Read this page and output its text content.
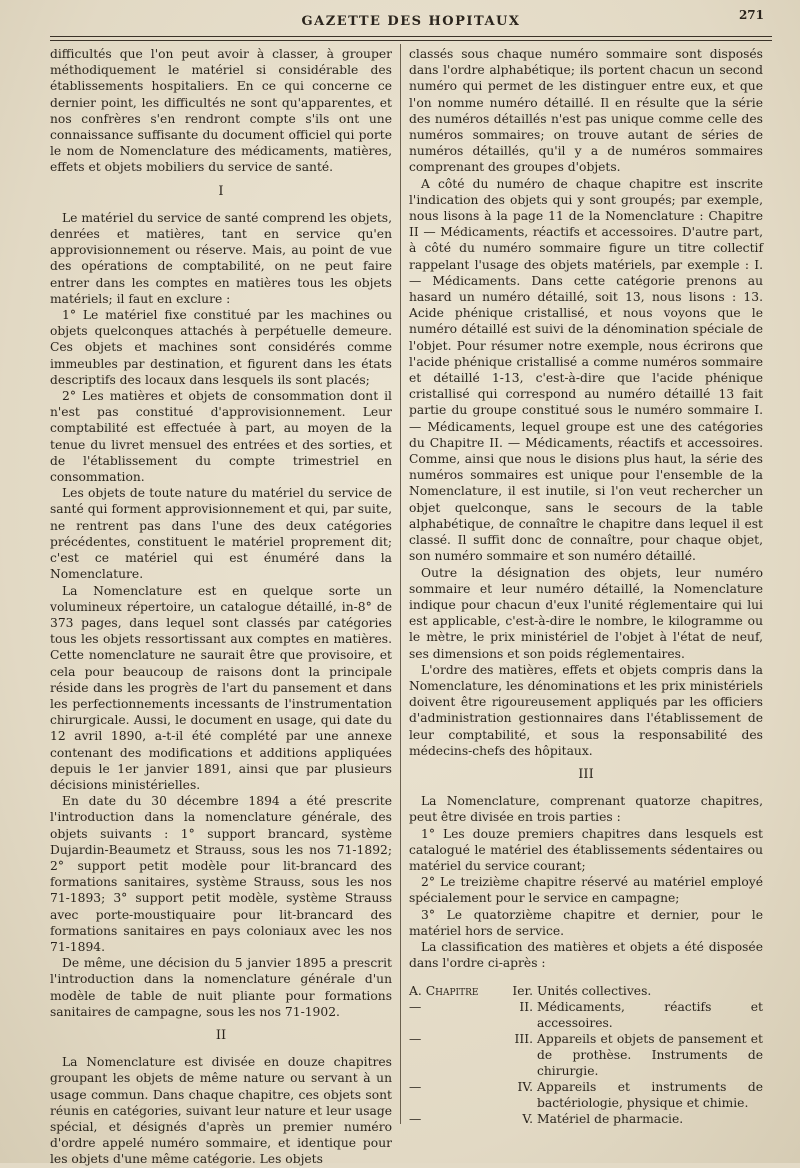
GAZETTE DES HOPITAUX	271

difficultés que l'on peut avoir à classer, à grouper méthodiquement le matériel si considérable des établissements hospitaliers. En ce qui concerne ce dernier point, les difficultés ne sont qu'apparentes, et nos confrères s'en rendront compte s'ils ont une connaissance suffisante du document officiel qui porte le nom de Nomenclature des médicaments, matières, effets et objets mobiliers du service de santé.

I

Le matériel du service de santé comprend les objets, denrées et matières, tant en service qu'en approvisionnement ou réserve. Mais, au point de vue des opérations de comptabilité, on ne peut faire entrer dans les comptes en matières tous les objets matériels; il faut en exclure :

1° Le matériel fixe constitué par les machines ou objets quelconques attachés à perpétuelle demeure. Ces objets et machines sont considérés comme immeubles par destination, et figurent dans les états descriptifs des locaux dans lesquels ils sont placés;

2° Les matières et objets de consommation dont il n'est pas constitué d'approvisionnement. Leur comptabilité est effectuée à part, au moyen de la tenue du livret mensuel des entrées et des sorties, et de l'établissement du compte trimestriel en consommation.

Les objets de toute nature du matériel du service de santé qui forment approvisionnement et qui, par suite, ne rentrent pas dans l'une des deux catégories précédentes, constituent le matériel proprement dit; c'est ce matériel qui est énuméré dans la Nomenclature.

La Nomenclature est en quelque sorte un volumineux répertoire, un catalogue détaillé, in-8° de 373 pages, dans lequel sont classés par catégories tous les objets ressortissant aux comptes en matières. Cette nomenclature ne saurait être que provisoire, et cela pour beaucoup de raisons dont la principale réside dans les progrès de l'art du pansement et dans les perfectionnements incessants de l'instrumentation chirurgicale. Aussi, le document en usage, qui date du 12 avril 1890, a-t-il été complété par une annexe contenant des modifications et additions appliquées depuis le 1er janvier 1891, ainsi que par plusieurs décisions ministérielles.

En date du 30 décembre 1894 a été prescrite l'introduction dans la nomenclature générale, des objets suivants : 1° support brancard, système Dujardin-Beaumetz et Strauss, sous les nos 71-1892; 2° support petit modèle pour lit-brancard des formations sanitaires, système Strauss, sous les nos 71-1893; 3° support petit modèle, système Strauss avec porte-moustiquaire pour lit-brancard des formations sanitaires en pays coloniaux avec les nos 71-1894.

De même, une décision du 5 janvier 1895 a prescrit l'introduction dans la nomenclature générale d'un modèle de table de nuit pliante pour formations sanitaires de campagne, sous les nos 71-1902.

II

La Nomenclature est divisée en douze chapitres groupant les objets de même nature ou servant à un usage commun. Dans chaque chapitre, ces objets sont réunis en catégories, suivant leur nature et leur usage spécial, et désignés d'après un premier numéro d'ordre appelé numéro sommaire, et identique pour les objets d'une même catégorie. Les objets

classés sous chaque numéro sommaire sont disposés dans l'ordre alphabétique; ils portent chacun un second numéro qui permet de les distinguer entre eux, et que l'on nomme numéro détaillé. Il en résulte que la série des numéros détaillés n'est pas unique comme celle des numéros sommaires; on trouve autant de séries de numéros détaillés, qu'il y a de numéros sommaires comprenant des groupes d'objets.

A côté du numéro de chaque chapitre est inscrite l'indication des objets qui y sont groupés; par exemple, nous lisons à la page 11 de la Nomenclature : Chapitre II — Médicaments, réactifs et accessoires. D'autre part, à côté du numéro sommaire figure un titre collectif rappelant l'usage des objets matériels, par exemple : I. — Médicaments. Dans cette catégorie prenons au hasard un numéro détaillé, soit 13, nous lisons : 13. Acide phénique cristallisé, et nous voyons que le numéro détaillé est suivi de la dénomination spéciale de l'objet. Pour résumer notre exemple, nous écrirons que l'acide phénique cristallisé a comme numéros sommaire et détaillé 1-13, c'est-à-dire que l'acide phénique cristallisé qui correspond au numéro détaillé 13 fait partie du groupe constitué sous le numéro sommaire I. — Médicaments, lequel groupe est une des catégories du Chapitre II. — Médicaments, réactifs et accessoires. Comme, ainsi que nous le disions plus haut, la série des numéros sommaires est unique pour l'ensemble de la Nomenclature, il est inutile, si l'on veut rechercher un objet quelconque, sans le secours de la table alphabétique, de connaître le chapitre dans lequel il est classé. Il suffit donc de connaître, pour chaque objet, son numéro sommaire et son numéro détaillé.

Outre la désignation des objets, leur numéro sommaire et leur numéro détaillé, la Nomenclature indique pour chacun d'eux l'unité réglementaire qui lui est applicable, c'est-à-dire le nombre, le kilogramme ou le mètre, le prix ministériel de l'objet à l'état de neuf, ses dimensions et son poids réglementaires.

L'ordre des matières, effets et objets compris dans la Nomenclature, les dénominations et les prix ministériels doivent être rigoureusement appliqués par les officiers d'administration gestionnaires dans l'établissement de leur comptabilité, et sous la responsabilité des médecins-chefs des hôpitaux.

III

La Nomenclature, comprenant quatorze chapitres, peut être divisée en trois parties :

1° Les douze premiers chapitres dans lesquels est catalogué le matériel des établissements sédentaires ou matériel du service courant;

2° Le treizième chapitre réservé au matériel employé spécialement pour le service en campagne;

3° Le quatorzième chapitre et dernier, pour le matériel hors de service.

La classification des matières et objets a été disposée dans l'ordre ci-après :

A. Chapitre	Ier. Unités collectives.
—	II. Médicaments, réactifs et accessoires.
—	III. Appareils et objets de pansement et de prothèse. Instruments de chirurgie.
—	IV. Appareils et instruments de bactériologie, physique et chimie.
—	V. Matériel de pharmacie.
